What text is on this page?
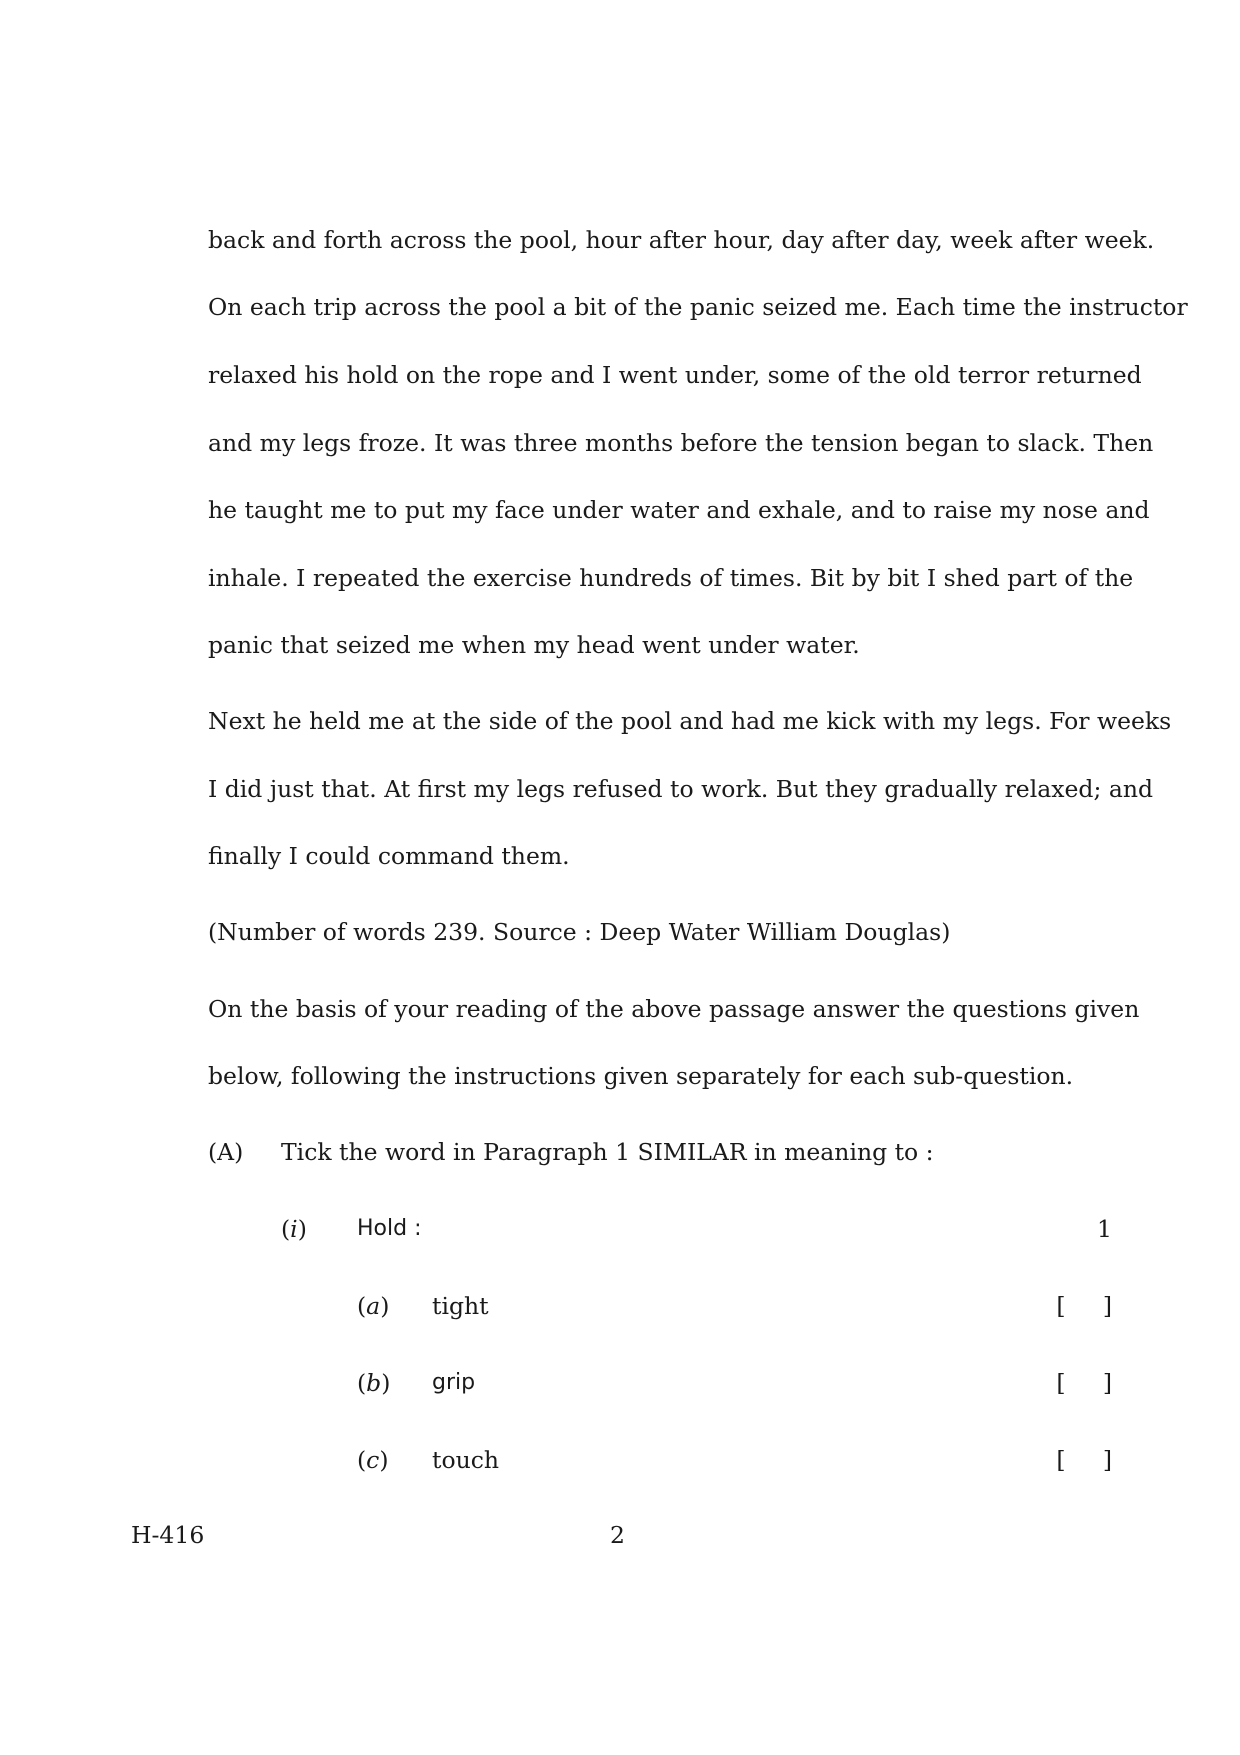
back and forth across the pool, hour after hour, day after day, week after week.
On each trip across the pool a bit of the panic seized me. Each time the instructor
relaxed his hold on the rope and I went under, some of the old terror returned
and my legs froze. It was three months before the tension began to slack. Then
he taught me to put my face under water and exhale, and to raise my nose and
inhale. I repeated the exercise hundreds of times. Bit by bit I shed part of the
panic that seized me when my head went under water.
Next he held me at the side of the pool and had me kick with my legs. For weeks
I did just that. At first my legs refused to work. But they gradually relaxed; and
finally I could command them.
(Number of words 239. Source : Deep Water William Douglas)
On the basis of your reading of the above passage answer the questions given
below, following the instructions given separately for each sub-question.
(A) Tick the word in Paragraph 1 SIMILAR in meaning to :
(i) Hold :	1
(a) tight	[     ]
(b) grip	[     ]
(c) touch	[     ]
H-416	2
